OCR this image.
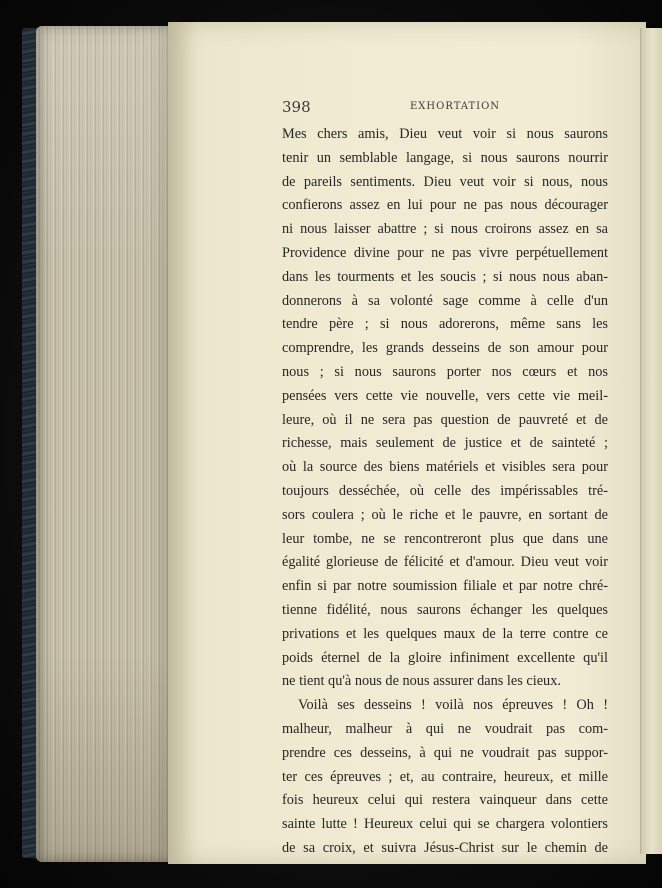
398	EXHORTATION
Mes chers amis, Dieu veut voir si nous saurons
tenir un semblable langage, si nous saurons nourrir
de pareils sentiments. Dieu veut voir si nous, nous
confierons assez en lui pour ne pas nous décourager
ni nous laisser abattre ; si nous croirons assez en sa
Providence divine pour ne pas vivre perpétuellement
dans les tourments et les soucis ; si nous nous aban-
donnerons à sa volonté sage comme à celle d'un
tendre père ; si nous adorerons, même sans les
comprendre, les grands desseins de son amour pour
nous ; si nous saurons porter nos cœurs et nos
pensées vers cette vie nouvelle, vers cette vie meil-
leure, où il ne sera pas question de pauvreté et de
richesse, mais seulement de justice et de sainteté ;
où la source des biens matériels et visibles sera pour
toujours desséchée, où celle des impérissables tré-
sors coulera ; où le riche et le pauvre, en sortant de
leur tombe, ne se rencontreront plus que dans une
égalité glorieuse de félicité et d'amour. Dieu veut voir
enfin si par notre soumission filiale et par notre chré-
tienne fidélité, nous saurons échanger les quelques
privations et les quelques maux de la terre contre ce
poids éternel de la gloire infiniment excellente qu'il
ne tient qu'à nous de nous assurer dans les cieux.
Voilà ses desseins ! voilà nos épreuves ! Oh !
malheur, malheur à qui ne voudrait pas com-
prendre ces desseins, à qui ne voudrait pas suppor-
ter ces épreuves ; et, au contraire, heureux, et mille
fois heureux celui qui restera vainqueur dans cette
sainte lutte ! Heureux celui qui se chargera volontiers
de sa croix, et suivra Jésus-Christ sur le chemin de
